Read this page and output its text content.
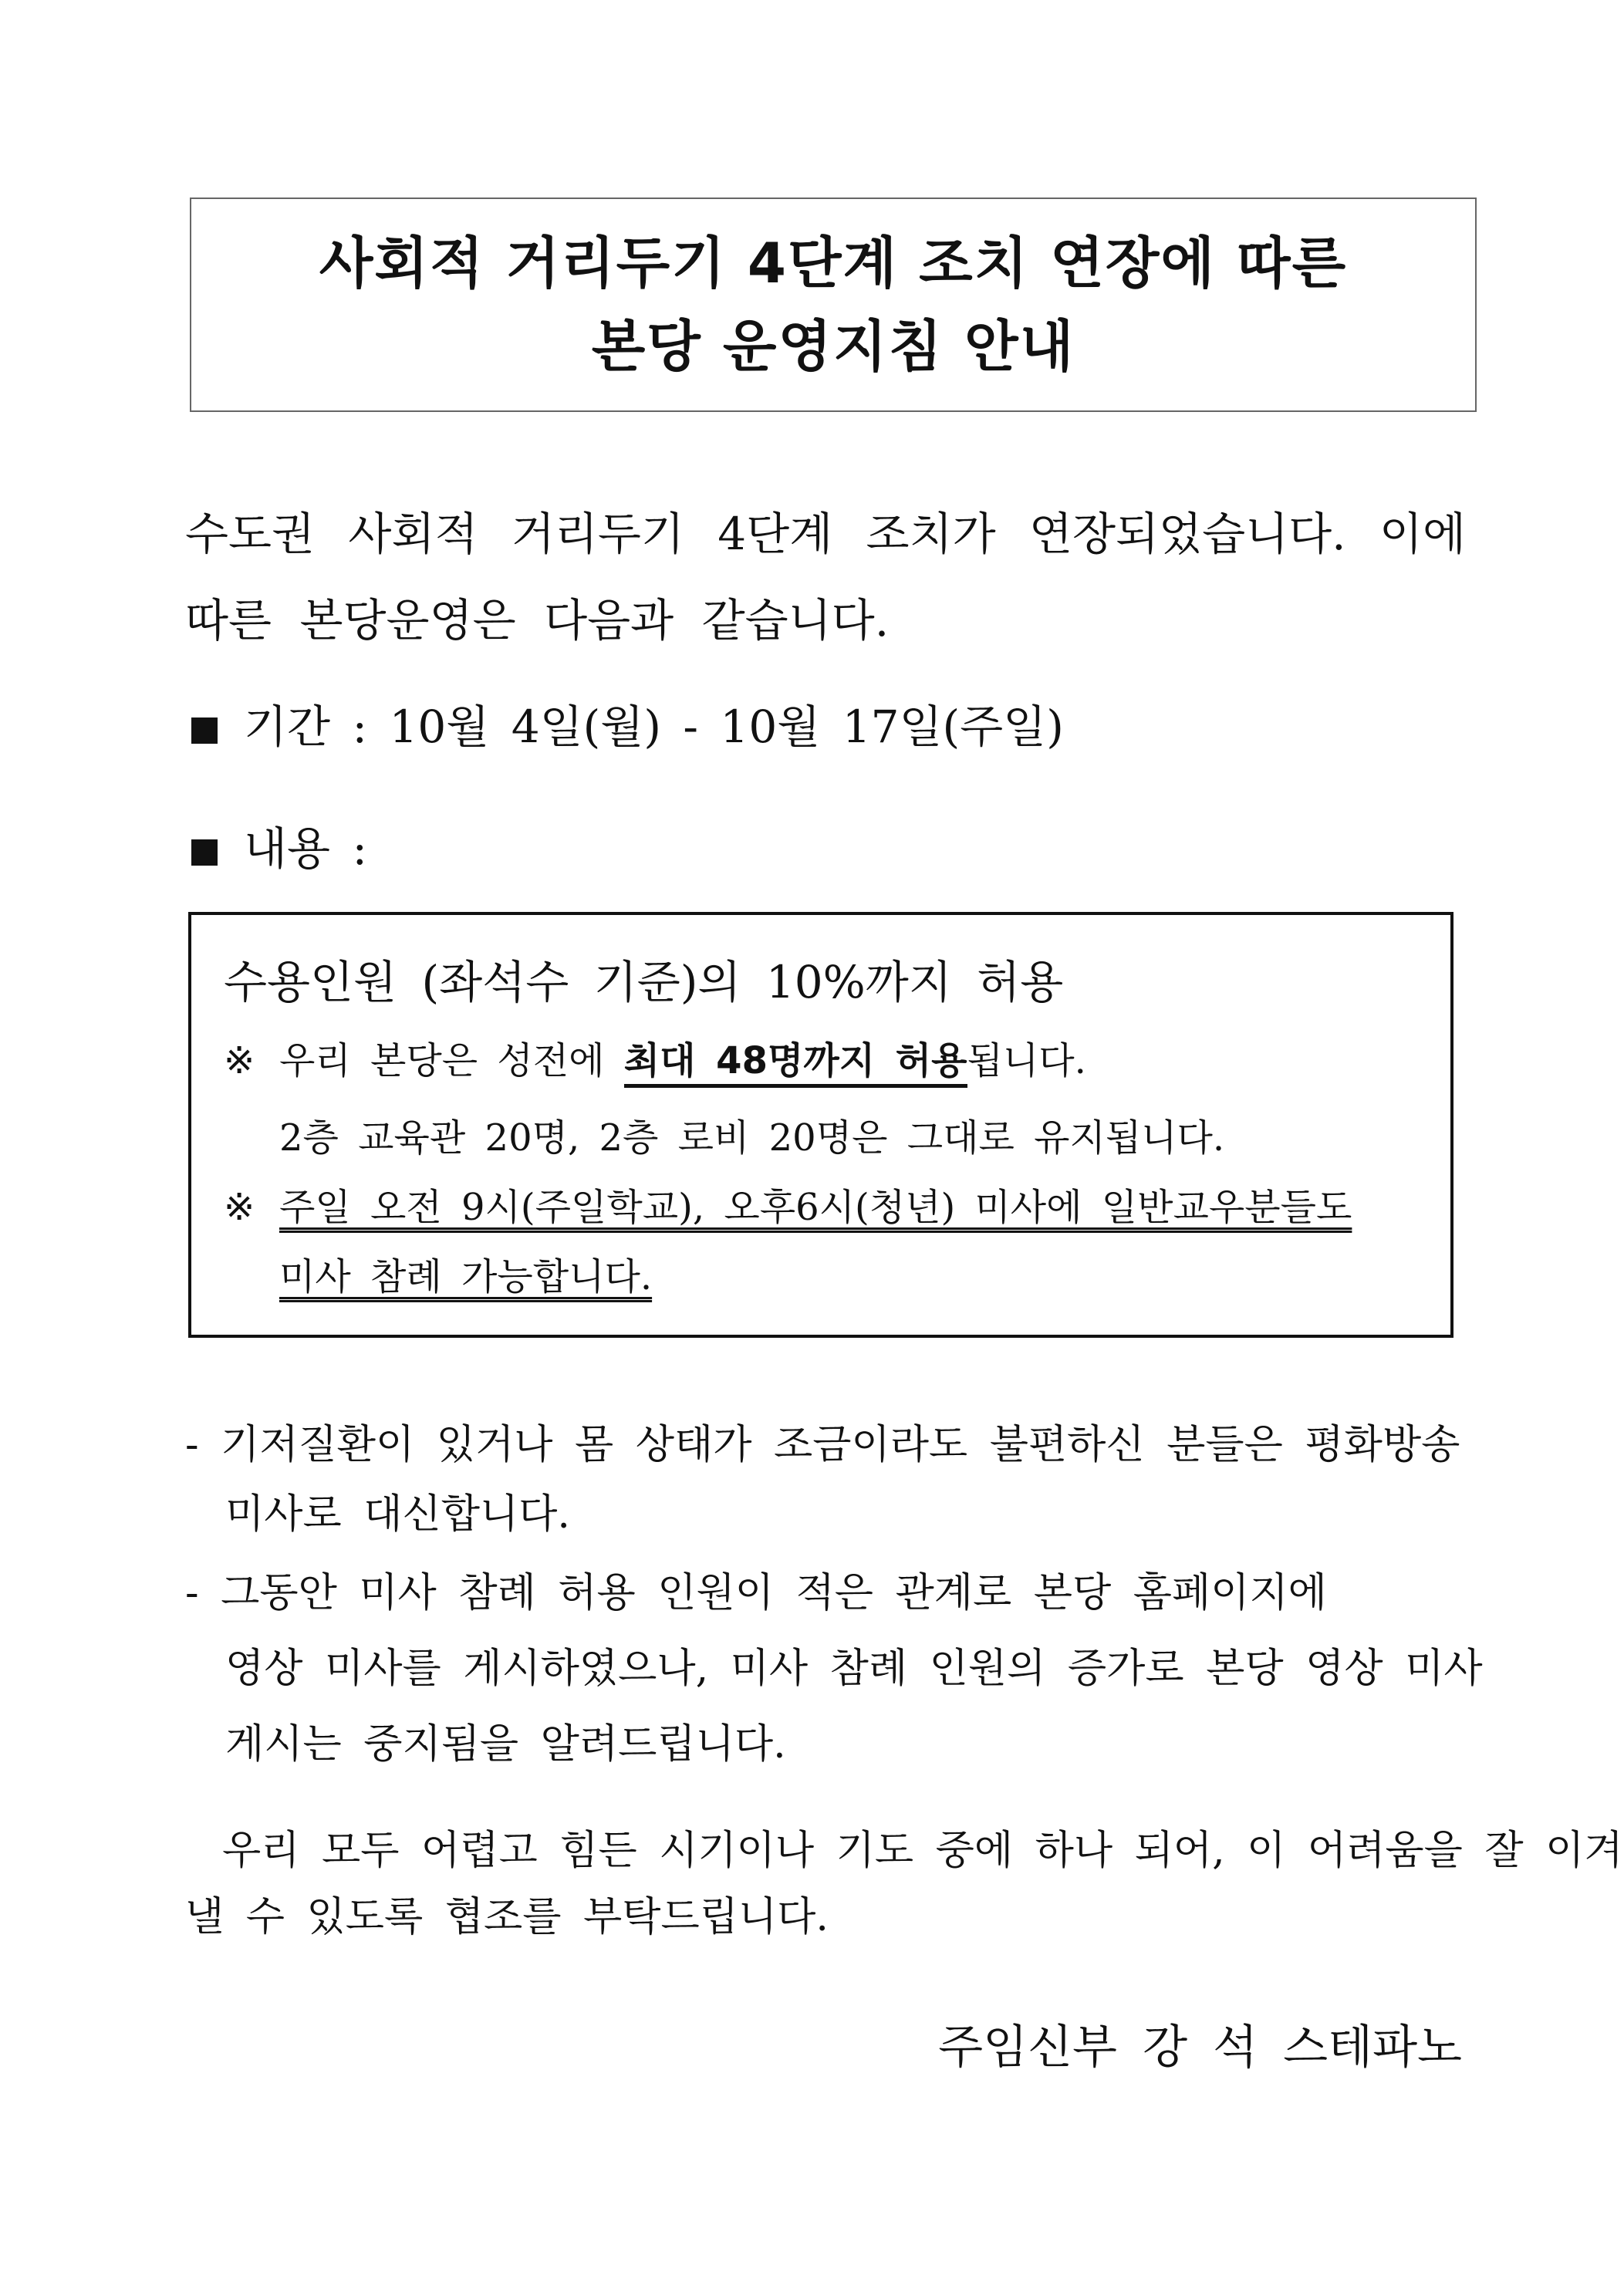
사회적 거리두기 4단계 조치 연장에 따른
본당 운영지침 안내

수도권 사회적 거리두기 4단계 조치가 연장되었습니다. 이에 따른 본당운영은 다음과 같습니다.

기간 : 10월 4일(월) - 10월 17일(주일)
내용 :
수용인원 (좌석수 기준)의 10%까지 허용
※ 우리 본당은 성전에 최대 48명까지 허용됩니다.
2층 교육관 20명, 2층 로비 20명은 그대로 유지됩니다.
※ 주일 오전 9시(주일학교), 오후6시(청년) 미사에 일반교우분들도
미사 참례 가능합니다.
- 기저질환이 있거나 몸 상태가 조금이라도 불편하신 분들은 평화방송
미사로 대신합니다.
- 그동안 미사 참례 허용 인원이 적은 관계로 본당 홈페이지에
영상 미사를 게시하였으나, 미사 참례 인원의 증가로 본당 영상 미사
게시는 중지됨을 알려드립니다.
우리 모두 어렵고 힘든 시기이나 기도 중에 하나 되어, 이 어려움을 잘 이겨
낼 수 있도록 협조를 부탁드립니다.
주임신부 강 석 스테파노
